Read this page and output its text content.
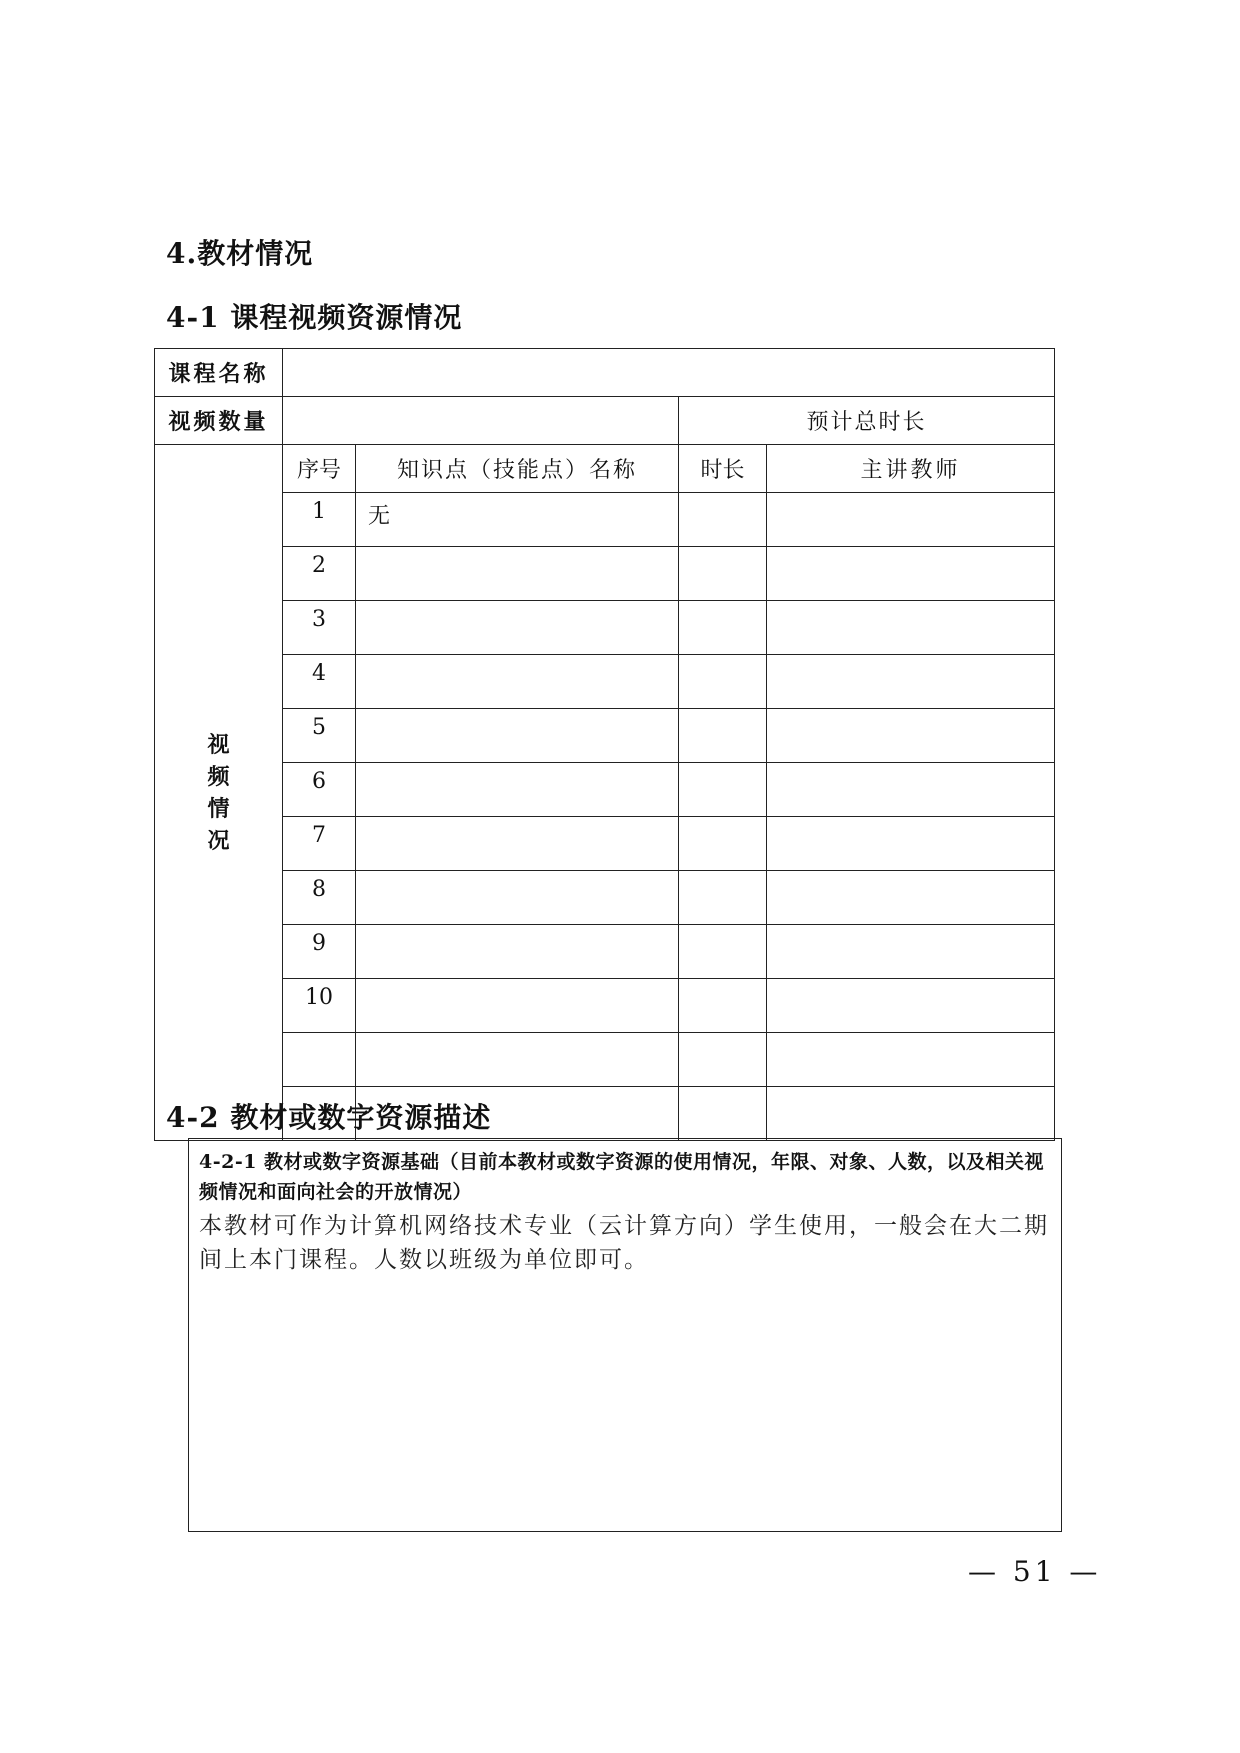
4.教材情况
4-1 课程视频资源情况
课程名称					
视频数量			预计总时长		

视
频
情
况	序号	知识点（技能点）名称	时长	主讲教师	
	1	无			
	2				
	3				
	4				
	5				
	6				
	7				
	8				
	9				
	10				

4-2 教材或数字资源描述
4-2-1 教材或数字资源基础（目前本教材或数字资源的使用情况，年限、对象、人数，以及相关视频情况和面向社会的开放情况）
本教材可作为计算机网络技术专业（云计算方向）学生使用，一般会在大二期间上本门课程。人数以班级为单位即可。
— 51 —
